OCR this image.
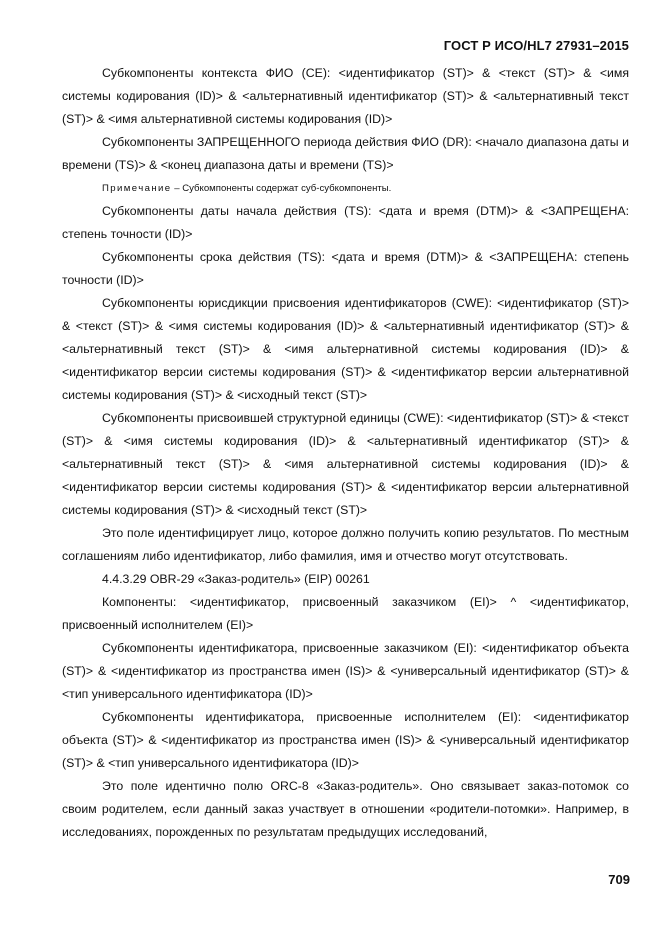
ГОСТ Р ИСО/HL7 27931–2015

Субкомпоненты контекста ФИО (CE): <идентификатор (ST)> & <текст (ST)> & <имя системы кодирования (ID)> & <альтернативный идентификатор (ST)> & <альтернативный текст (ST)> & <имя альтернативной системы кодирования (ID)>

Субкомпоненты ЗАПРЕЩЕННОГО периода действия ФИО (DR): <начало диапазона даты и времени (TS)> & <конец диапазона даты и времени (TS)>

Примечание – Субкомпоненты содержат суб-субкомпоненты.

Субкомпоненты даты начала действия (TS): <дата и время (DTM)> & <ЗАПРЕЩЕНА: степень точности (ID)>

Субкомпоненты срока действия (TS): <дата и время (DTM)> & <ЗАПРЕЩЕНА: степень точности (ID)>

Субкомпоненты юрисдикции присвоения идентификаторов (CWE): <идентификатор (ST)> & <текст (ST)> & <имя системы кодирования (ID)> & <альтернативный идентификатор (ST)> & <альтернативный текст (ST)> & <имя альтернативной системы кодирования (ID)> & <идентификатор версии системы кодирования (ST)> & <идентификатор версии альтернативной системы кодирования (ST)> & <исходный текст (ST)>

Субкомпоненты присвоившей структурной единицы (CWE): <идентификатор (ST)> & <текст (ST)> & <имя системы кодирования (ID)> & <альтернативный идентификатор (ST)> & <альтернативный текст (ST)> & <имя альтернативной системы кодирования (ID)> & <идентификатор версии системы кодирования (ST)> & <идентификатор версии альтернативной системы кодирования (ST)> & <исходный текст (ST)>

Это поле идентифицирует лицо, которое должно получить копию результатов. По местным соглашениям либо идентификатор, либо фамилия, имя и отчество могут отсутствовать.

4.4.3.29 OBR-29 «Заказ-родитель» (EIP) 00261

Компоненты: <идентификатор, присвоенный заказчиком (EI)> ^ <идентификатор, присвоенный исполнителем (EI)>

Субкомпоненты идентификатора, присвоенные заказчиком (EI): <идентификатор объекта (ST)> & <идентификатор из пространства имен (IS)> & <универсальный идентификатор (ST)> & <тип универсального идентификатора (ID)>

Субкомпоненты идентификатора, присвоенные исполнителем (EI): <идентификатор объекта (ST)> & <идентификатор из пространства имен (IS)> & <универсальный идентификатор (ST)> & <тип универсального идентификатора (ID)>

Это поле идентично полю ORC-8 «Заказ-родитель». Оно связывает заказ-потомок со своим родителем, если данный заказ участвует в отношении «родители-потомки». Например, в исследованиях, порожденных по результатам предыдущих исследований,

709
